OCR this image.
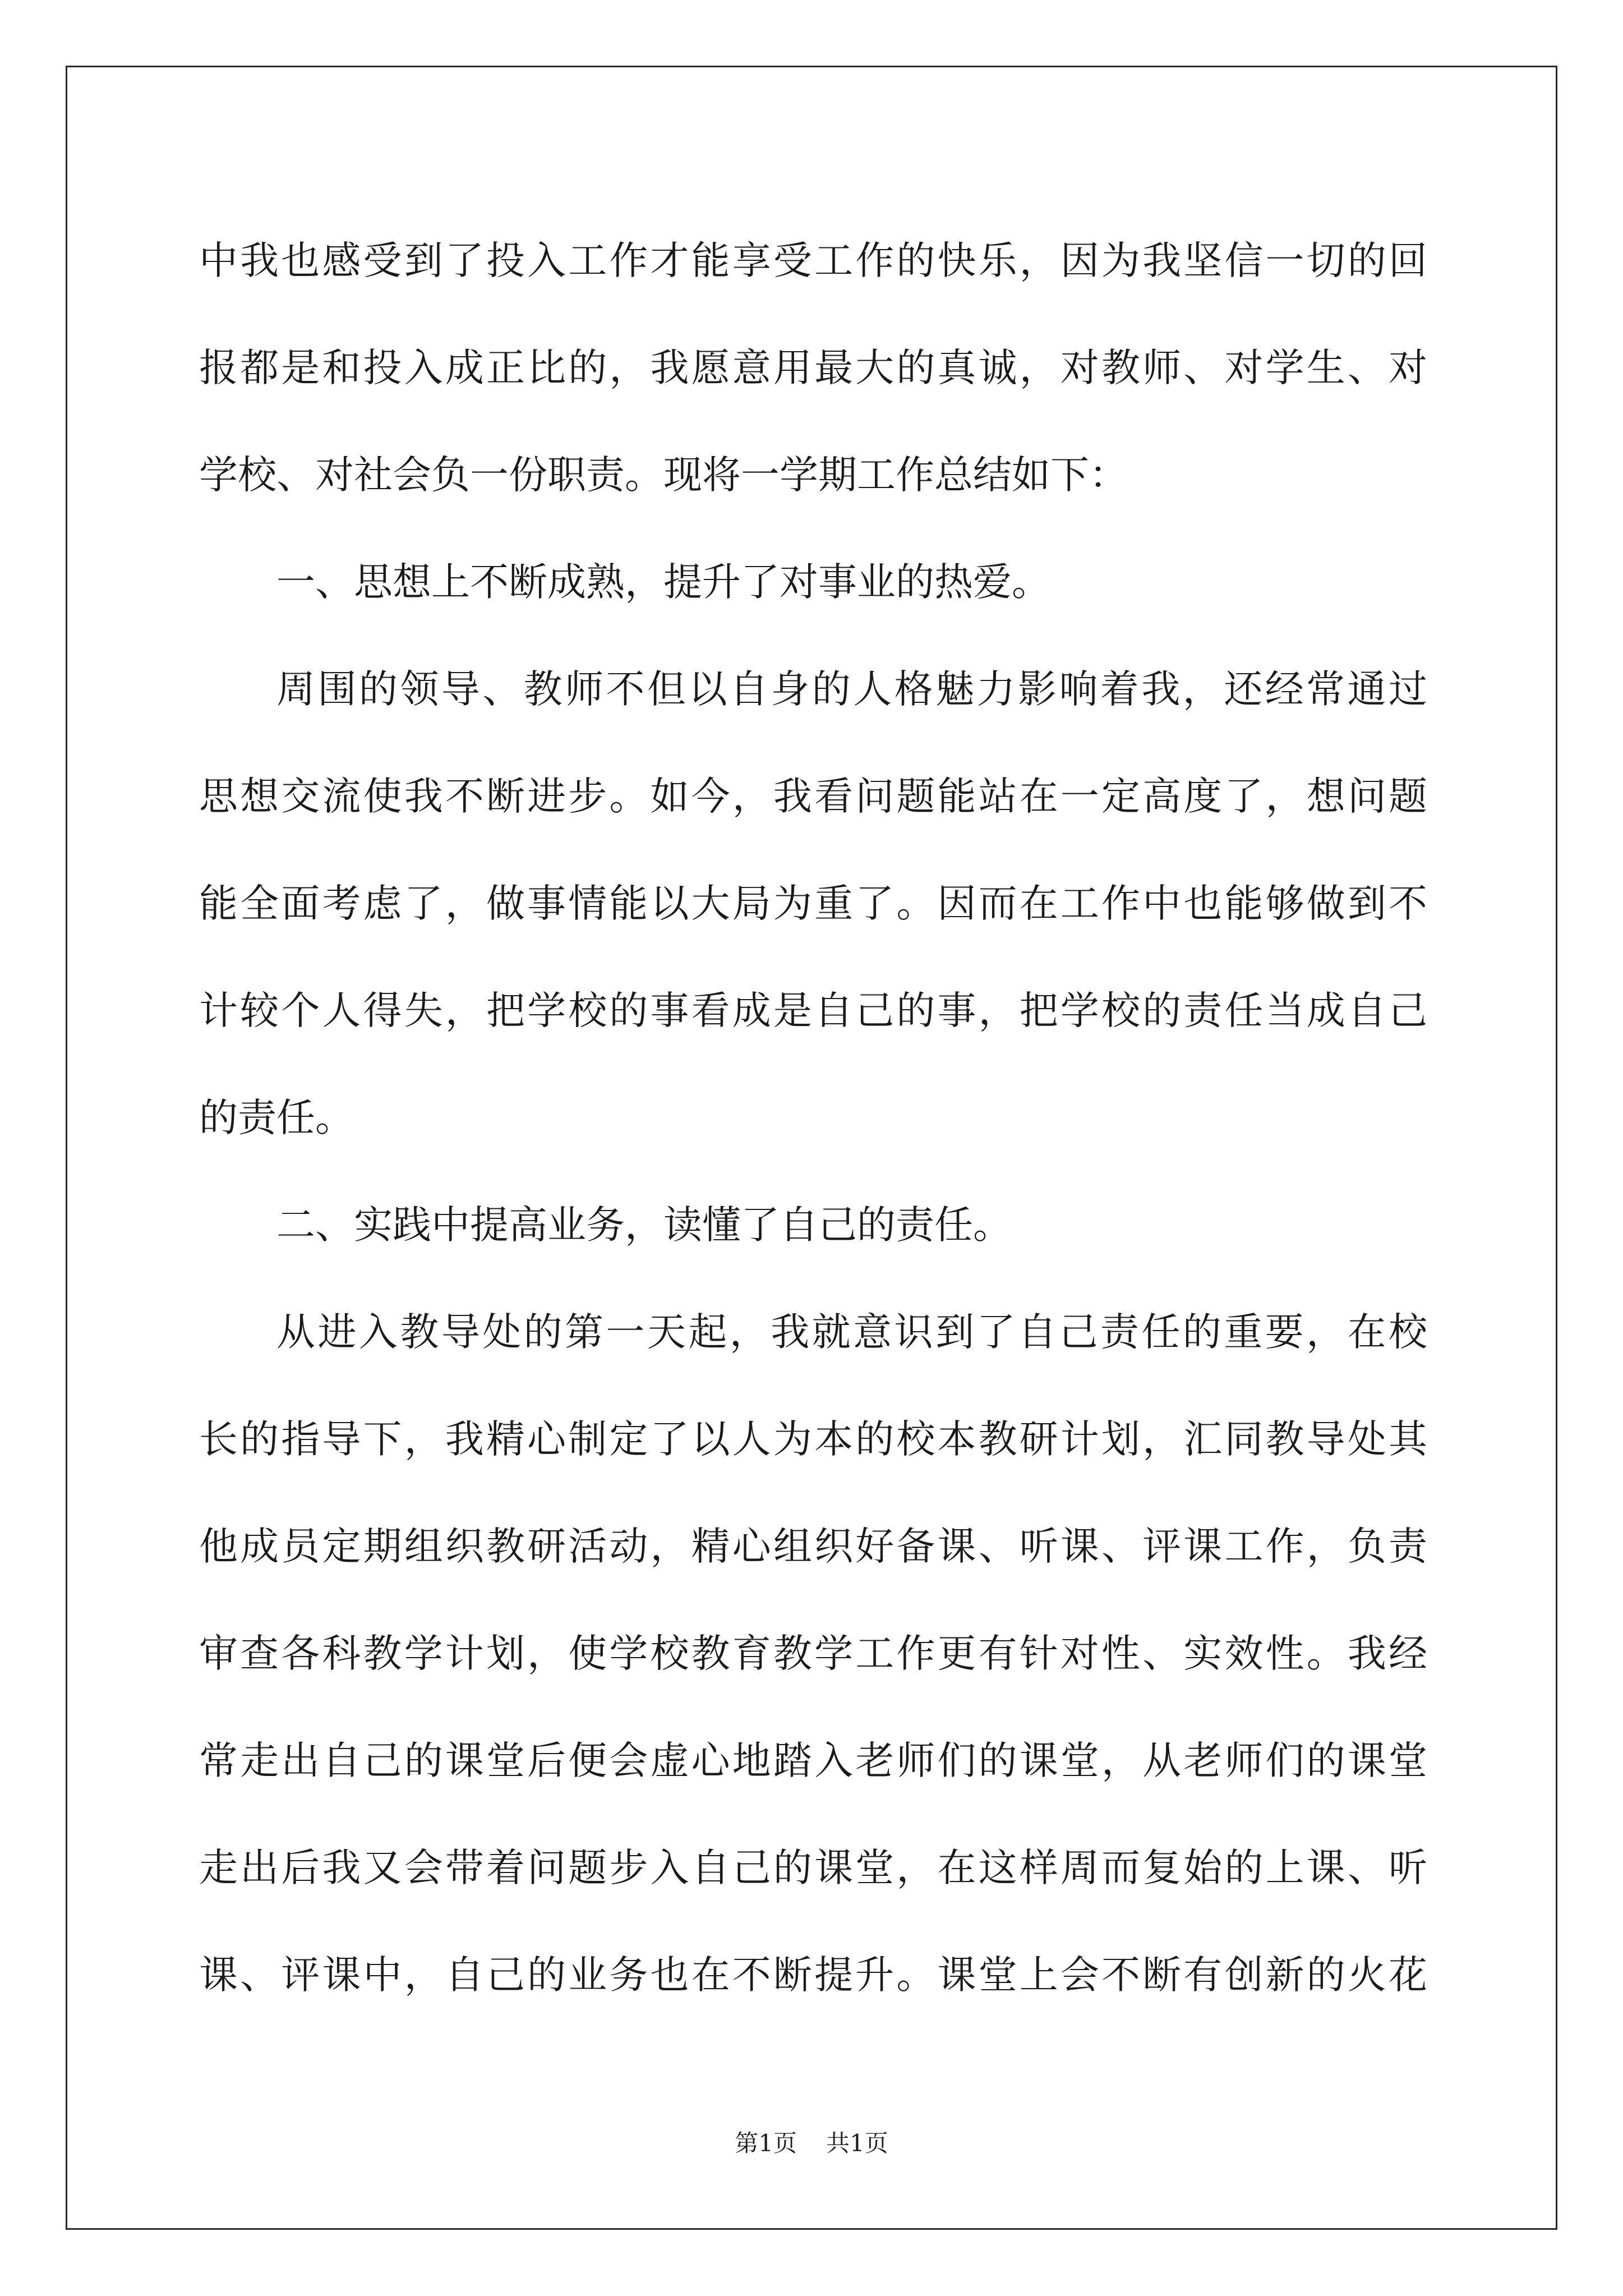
中我也感受到了投入工作才能享受工作的快乐，因为我坚信一切的回
报都是和投入成正比的，我愿意用最大的真诚，对教师、对学生、对
学校、对社会负一份职责。现将一学期工作总结如下：
一、思想上不断成熟，提升了对事业的热爱。
周围的领导、教师不但以自身的人格魅力影响着我，还经常通过
思想交流使我不断进步。如今，我看问题能站在一定高度了，想问题
能全面考虑了，做事情能以大局为重了。因而在工作中也能够做到不
计较个人得失，把学校的事看成是自己的事，把学校的责任当成自己
的责任。
二、实践中提高业务，读懂了自己的责任。
从进入教导处的第一天起，我就意识到了自己责任的重要，在校
长的指导下，我精心制定了以人为本的校本教研计划，汇同教导处其
他成员定期组织教研活动，精心组织好备课、听课、评课工作，负责
审查各科教学计划，使学校教育教学工作更有针对性、实效性。我经
常走出自己的课堂后便会虚心地踏入老师们的课堂，从老师们的课堂
走出后我又会带着问题步入自己的课堂，在这样周而复始的上课、听
课、评课中，自己的业务也在不断提升。课堂上会不断有创新的火花
第1页 共1页
